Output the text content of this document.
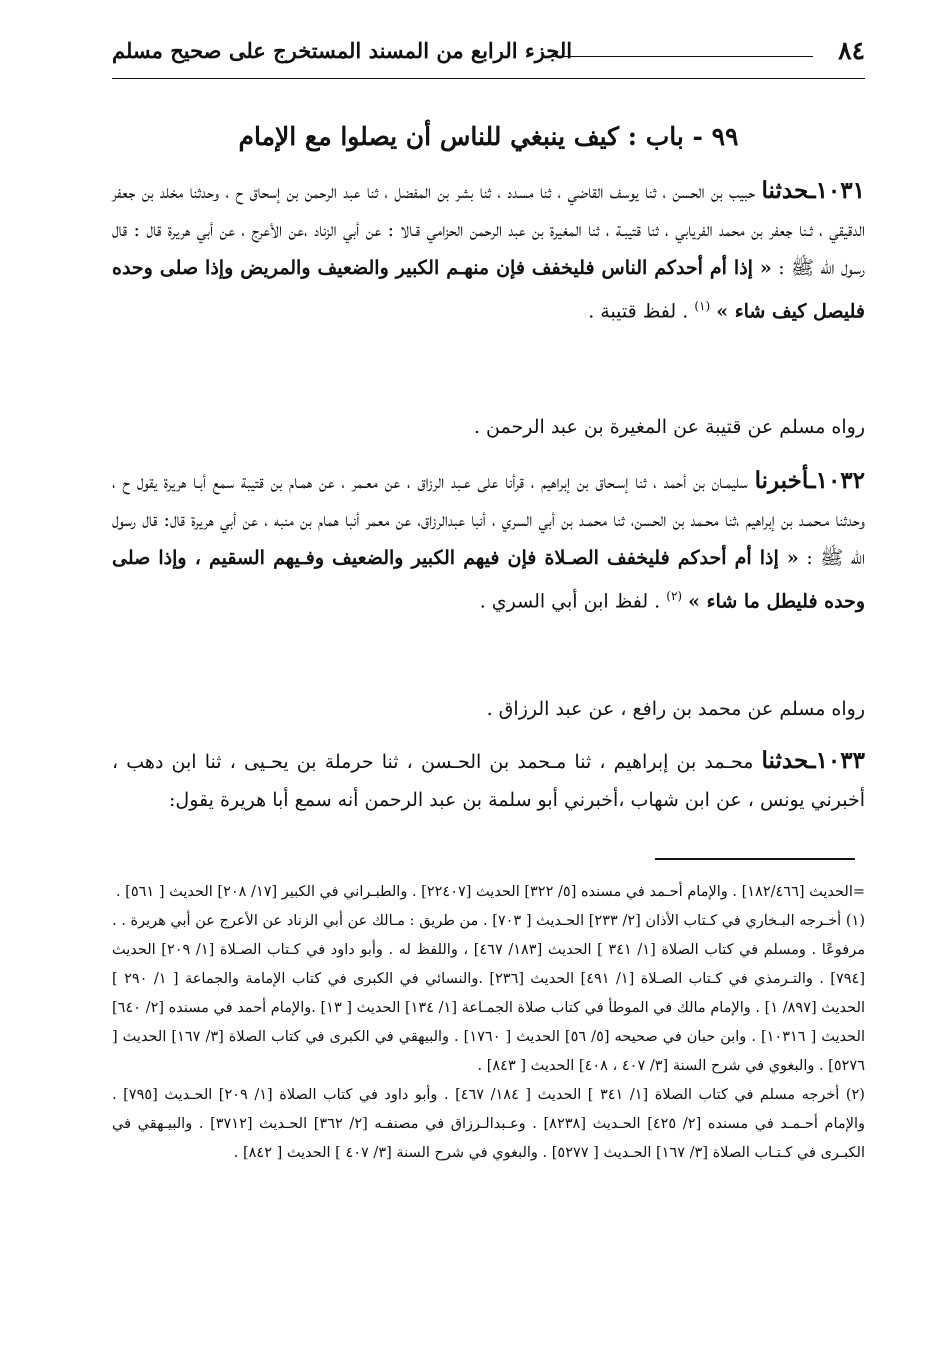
٨٤
الجزء الرابع من المسند المستخرج على صحيح مسلم
٩٩ - باب : كيف ينبغي للناس أن يصلوا مع الإمام

١٠٣١ـحدثنا حبيب بن الحسن ، ثنا يوسف القاضي ، ثنا مسدد ، ثنا بشر بن المفضل ، ثنا عبد الرحمن بن إسحاق ح ، وحدثنا مخلد بن جعفر الدقيقي ، ثـنا جعفر بن محمد الفريابي ، ثنا قتيبـة ، ثنا المغيرة بن عبد الرحمن الحزامي قـالا : عن أبي الزناد ،عن الأعرج ، عن أبي هريرة قال : قال رسول الله ﷺ : « إذا أم أحدكم الناس فليخفف فإن منهـم الكبير والضعيف والمريض وإذا صلى وحده فليصل كيف شاء » $^{(١)}$ . لفظ قتيبة .

رواه مسلم عن قتيبة عن المغيرة بن عبد الرحمن .

١٠٣٢ـأخبرنا سليمـان بن أحمد ، ثنا إسـحاق بن إبراهيم ، قرأنا على عـبد الرزاق ، عن معـمر ، عن همـام بن قتيبة سمع أبـا هريرة يقول ح ، وحدثنا مـحمـد بن إبراهيم ،ثنا محـمد بن الحسن، ثنا محمـد بن أبي السري ، أنبا عبدالرزاق، عن معمر أنبا همام بن منبه ، عن أبي هريرة قال: قال رسول الله ﷺ : « إذا أم أحدكم فليخفف الصـلاة فإن فيهم الكبير والضعيف وفـيهم السقيم ، وإذا صلى وحده فليطل ما شاء » $^{(٢)}$ . لفظ ابن أبي السري .

رواه مسلم عن محمد بن رافع ، عن عبد الرزاق .

١٠٣٣ـحدثنا محـمد بن إبراهيم ، ثنا مـحمد بن الحـسن ، ثنا حرملة بن يحـيى ، ثنا ابن دهب ، أخبرني يونس ، عن ابن شهاب ،أخبرني أبو سلمة بن عبد الرحمن أنه سمع أبا هريرة يقول:

=الحديث [١٨٢/٤٦٦] . والإمام أحـمد في مسنده [٥/ ٣٢٢] الحديث [٢٢٤٠٧] . والطبـراني في الكبير [١٧/ ٢٠٨] الحديث [ ٥٦١] .

(١) أخـرجه البـخاري في كـتاب الأذان [٢/ ٢٣٣] الحـديث [ ٧٠٣] . من طريق : مـالك عن أبي الزناد عن الأعرج عن أبي هريرة . . مرفوعًا . ومسلم في كتاب الصلاة [١/ ٣٤١ ] الحديث [١٨٣/ ٤٦٧] ، واللفظ له . وأبو داود في كـتاب الصـلاة [١/ ٢٠٩] الحديث [٧٩٤] . والتـرمذي في كـتاب الصـلاة [١/ ٤٩١] الحديث [٢٣٦] .والنسائي في الكبرى في كتاب الإمامة والجماعة [ ١/ ٢٩٠ ] الحديث [٨٩٧/ ١] . والإمام مالك في الموطأ في كتاب صلاة الجمـاعة [١/ ١٣٤] الحديث [ ١٣] .والإمام أحمد في مسنده [٢/ ٦٤٠] الحديث [ ١٠٣١٦] . وابن حبان في صحيحه [٥/ ٥٦] الحديث [ ١٧٦٠] . والبيهقي في الكبرى في كتاب الصلاة [٣/ ١٦٧] الحديث [ ٥٢٧٦] . والبغوي في شرح السنة [٣/ ٤٠٧ ، ٤٠٨] الحديث [ ٨٤٣] .

(٢) أخرجه مسلم في كتاب الصلاة [١/ ٣٤١ ] الحديث [ ١٨٤/ ٤٦٧] . وأبو داود في كتاب الصلاة [١/ ٢٠٩] الحـديث [٧٩٥] . والإمام أحـمـد في مسنده [٢/ ٤٢٥] الحـديث [٨٢٣٨] . وعـبدالـرزاق في مصنفـه [٢/ ٣٦٢] الحـديث [٣٧١٢] . والبيـهقي في الكبـرى في كـتـاب الصلاة [٣/ ١٦٧] الحـديث [ ٥٢٧٧] . والبغوي في شرح السنة [٣/ ٤٠٧ ] الحديث [ ٨٤٢] .
